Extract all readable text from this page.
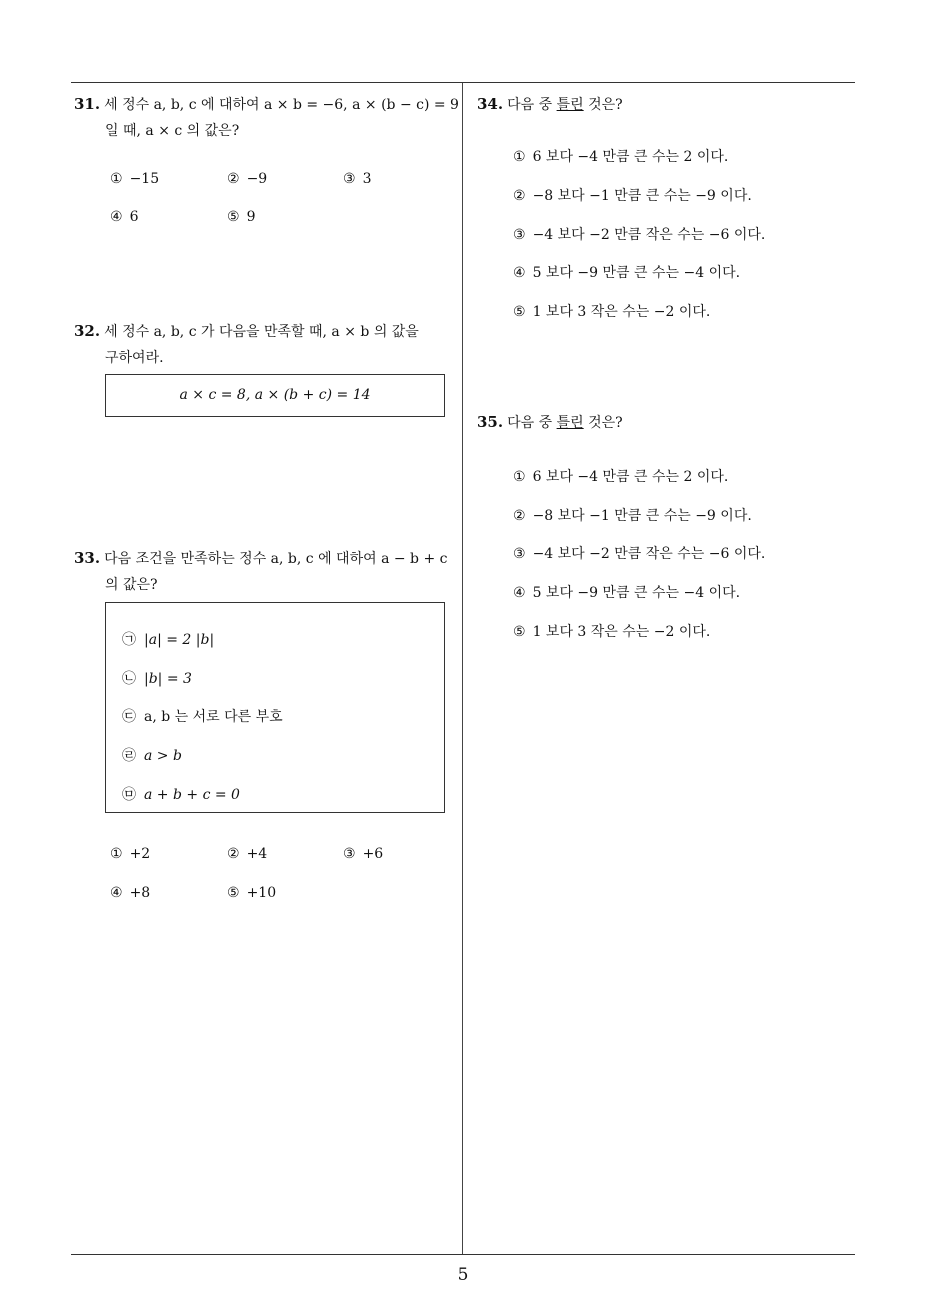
31. 세 정수 a, b, c 에 대하여 a × b = −6, a × (b − c) = 9
일 때, a × c 의 값은?
① −15	② −9	③ 3
④ 6	⑤ 9
32. 세 정수 a, b, c 가 다음을 만족할 때, a × b 의 값을
구하여라.
a × c = 8, a × (b + c) = 14
33. 다음 조건을 만족하는 정수 a, b, c 에 대하여 a − b + c
의 값은?
㉠ |a| = 2 |b|
㉡ |b| = 3
㉢ a, b 는 서로 다른 부호
㉣ a > b
㉤ a + b + c = 0
① +2	② +4	③ +6
④ +8	⑤ +10
34. 다음 중 틀린 것은?
① 6 보다 −4 만큼 큰 수는 2 이다.
② −8 보다 −1 만큼 큰 수는 −9 이다.
③ −4 보다 −2 만큼 작은 수는 −6 이다.
④ 5 보다 −9 만큼 큰 수는 −4 이다.
⑤ 1 보다 3 작은 수는 −2 이다.
35. 다음 중 틀린 것은?
① 6 보다 −4 만큼 큰 수는 2 이다.
② −8 보다 −1 만큼 큰 수는 −9 이다.
③ −4 보다 −2 만큼 작은 수는 −6 이다.
④ 5 보다 −9 만큼 큰 수는 −4 이다.
⑤ 1 보다 3 작은 수는 −2 이다.
5
